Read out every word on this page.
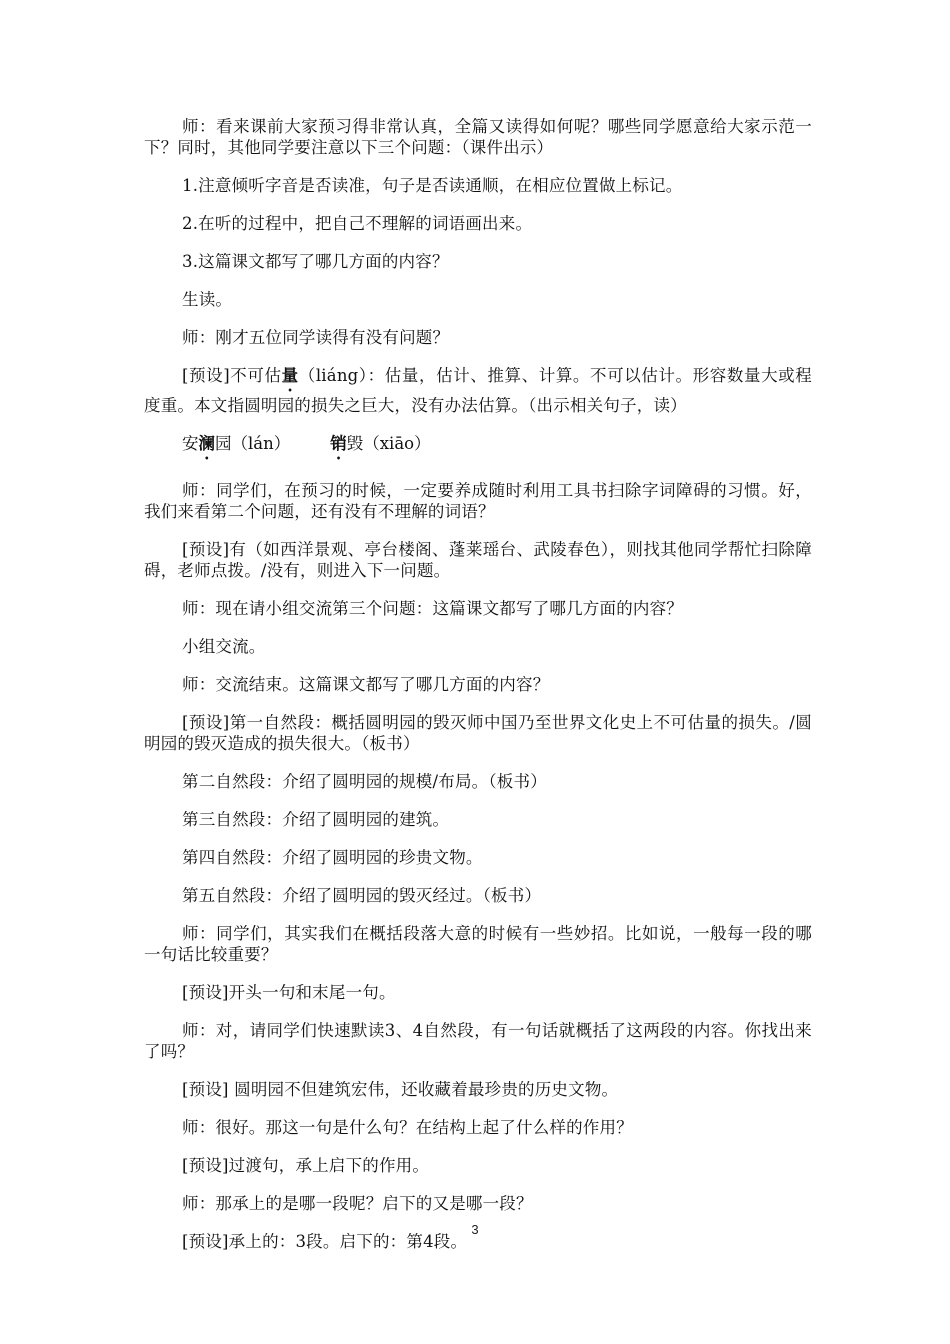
师：看来课前大家预习得非常认真，全篇又读得如何呢？哪些同学愿意给大家示范一下？同时，其他同学要注意以下三个问题：（课件出示）

1.注意倾听字音是否读准，句子是否读通顺，在相应位置做上标记。

2.在听的过程中，把自己不理解的词语画出来。

3.这篇课文都写了哪几方面的内容？

生读。

师：刚才五位同学读得有没有问题？

[预设]不可估量（liáng）：估量，估计、推算、计算。不可以估计。形容数量大或程度重。本文指圆明园的损失之巨大，没有办法估算。（出示相关句子，读）

安澜园（lán） 销毁（xiāo）

师：同学们，在预习的时候，一定要养成随时利用工具书扫除字词障碍的习惯。好，我们来看第二个问题，还有没有不理解的词语？

[预设]有（如西洋景观、亭台楼阁、蓬莱瑶台、武陵春色），则找其他同学帮忙扫除障碍，老师点拨。/没有，则进入下一问题。

师：现在请小组交流第三个问题：这篇课文都写了哪几方面的内容？

小组交流。

师：交流结束。这篇课文都写了哪几方面的内容？

[预设]第一自然段：概括圆明园的毁灭师中国乃至世界文化史上不可估量的损失。/圆明园的毁灭造成的损失很大。（板书）

第二自然段：介绍了圆明园的规模/布局。（板书）

第三自然段：介绍了圆明园的建筑。

第四自然段：介绍了圆明园的珍贵文物。

第五自然段：介绍了圆明园的毁灭经过。（板书）

师：同学们，其实我们在概括段落大意的时候有一些妙招。比如说，一般每一段的哪一句话比较重要？

[预设]开头一句和末尾一句。

师：对，请同学们快速默读3、4自然段，有一句话就概括了这两段的内容。你找出来了吗？

[预设] 圆明园不但建筑宏伟，还收藏着最珍贵的历史文物。

师：很好。那这一句是什么句？在结构上起了什么样的作用？

[预设]过渡句，承上启下的作用。

师：那承上的是哪一段呢？启下的又是哪一段？

[预设]承上的：3段。启下的：第4段。

3
